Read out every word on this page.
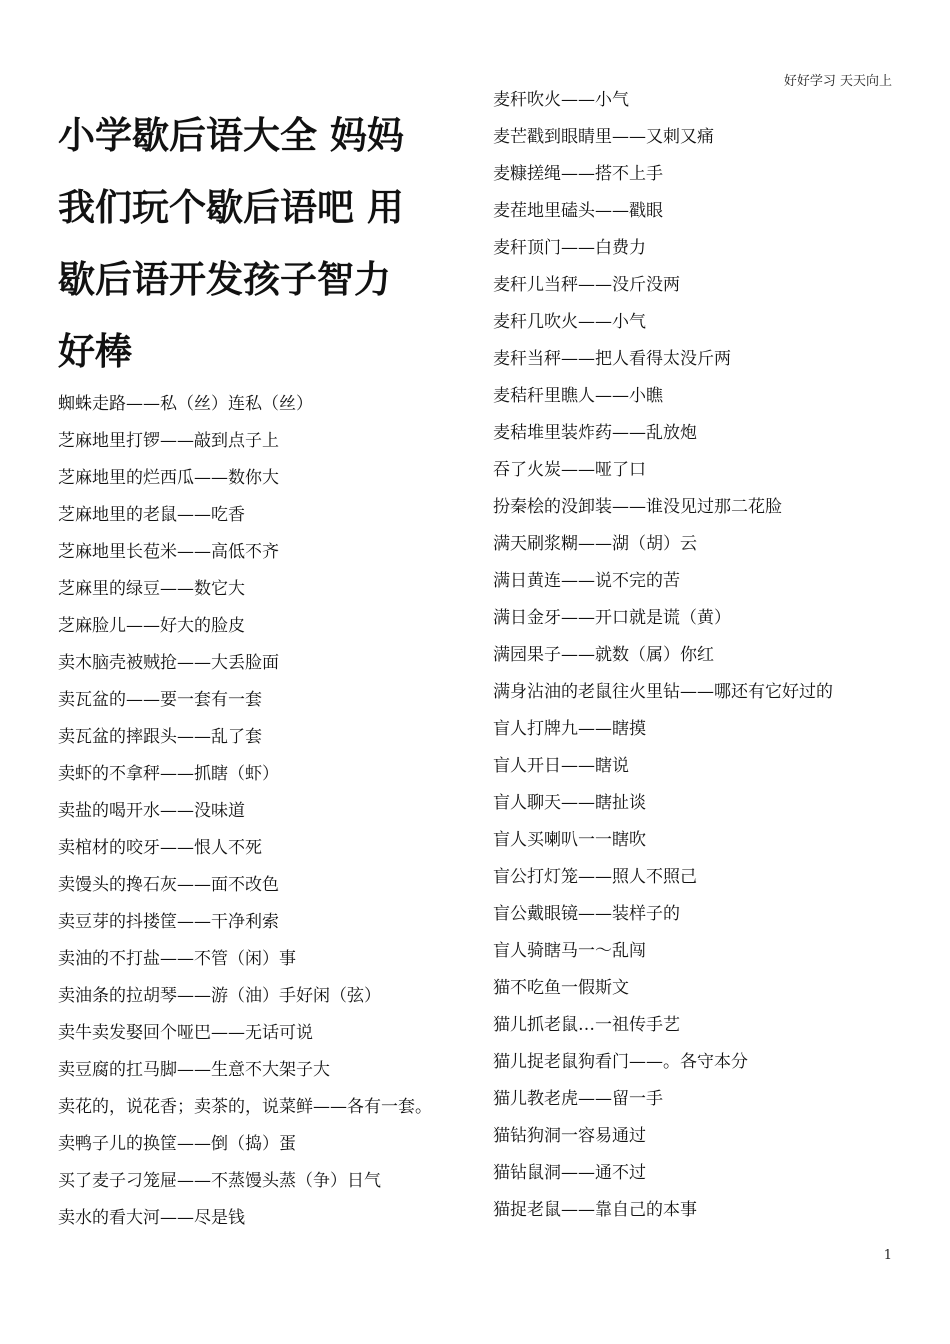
好好学习 天天向上
小学歇后语大全 妈妈
我们玩个歇后语吧 用
歇后语开发孩子智力
好棒
蜘蛛走路——私（丝）连私（丝）
芝麻地里打锣——敲到点子上
芝麻地里的烂西瓜——数你大
芝麻地里的老鼠——吃香
芝麻地里长苞米——高低不齐
芝麻里的绿豆——数它大
芝麻脸儿——好大的脸皮
卖木脑壳被贼抢——大丢脸面
卖瓦盆的——要一套有一套
卖瓦盆的摔跟头——乱了套
卖虾的不拿秤——抓瞎（虾）
卖盐的喝开水——没味道
卖棺材的咬牙——恨人不死
卖馒头的搀石灰——面不改色
卖豆芽的抖搂筐——干净利索
卖油的不打盐——不管（闲）事
卖油条的拉胡琴——游（油）手好闲（弦）
卖牛卖发娶回个哑巴——无话可说
卖豆腐的扛马脚——生意不大架子大
卖花的，说花香；卖茶的，说菜鲜——各有一套。
卖鸭子儿的换筐——倒（捣）蛋
买了麦子刁笼屉——不蒸馒头蒸（争）日气
卖水的看大河——尽是钱
麦秆吹火——小气
麦芒戳到眼睛里——又刺又痛
麦糠搓绳——搭不上手
麦茬地里磕头——戳眼
麦秆顶门——白费力
麦秆儿当秤——没斤没两
麦秆几吹火——小气
麦秆当秤——把人看得太没斤两
麦秸秆里瞧人——小瞧
麦秸堆里装炸药——乱放炮
吞了火炭——哑了口
扮秦桧的没卸装——谁没见过那二花脸
满天刷浆糊——湖（胡）云
满日黄连——说不完的苦
满日金牙——开口就是谎（黄）
满园果子——就数（属）你红
满身沾油的老鼠往火里钻——哪还有它好过的
盲人打牌九——瞎摸
盲人开日——瞎说
盲人聊天——瞎扯谈
盲人买喇叭一一瞎吹
盲公打灯笼——照人不照己
盲公戴眼镜——装样子的
盲人骑瞎马一～乱闯
猫不吃鱼一假斯文
猫儿抓老鼠…一祖传手艺
猫儿捉老鼠狗看门——。各守本分
猫儿教老虎——留一手
猫钻狗洞一容易通过
猫钻鼠洞——通不过
猫捉老鼠——靠自己的本事
1
